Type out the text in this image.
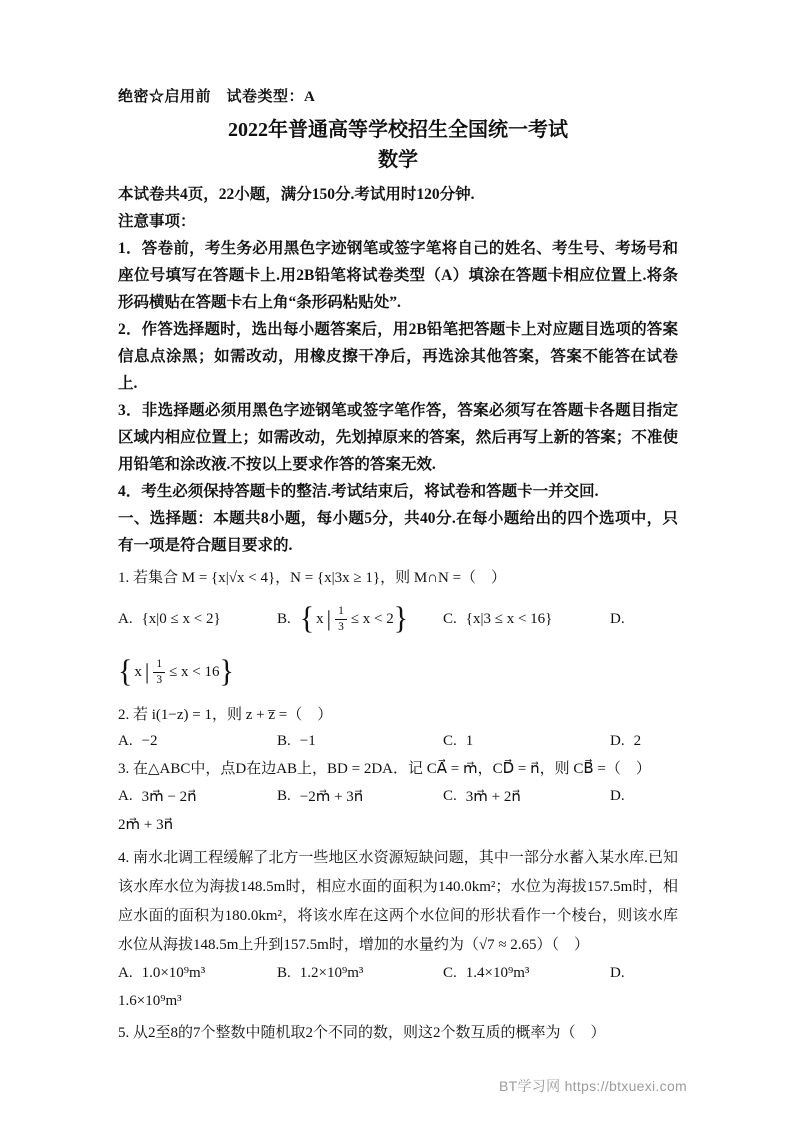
绝密☆启用前　试卷类型：A
2022年普通高等学校招生全国统一考试
数学

本试卷共4页，22小题，满分150分.考试用时120分钟.

注意事项：

1．答卷前，考生务必用黑色字迹钢笔或签字笔将自己的姓名、考生号、考场号和座位号填写在答题卡上.用2B铅笔将试卷类型（A）填涂在答题卡相应位置上.将条形码横贴在答题卡右上角“条形码粘贴处”.

2．作答选择题时，选出每小题答案后，用2B铅笔把答题卡上对应题目选项的答案信息点涂黑；如需改动，用橡皮擦干净后，再选涂其他答案，答案不能答在试卷上.

3．非选择题必须用黑色字迹钢笔或签字笔作答，答案必须写在答题卡各题目指定区域内相应位置上；如需改动，先划掉原来的答案，然后再写上新的答案；不准使用铅笔和涂改液.不按以上要求作答的答案无效.

4．考生必须保持答题卡的整洁.考试结束后，将试卷和答题卡一并交回.

一、选择题：本题共8小题，每小题5分，共40分.在每小题给出的四个选项中，只有一项是符合题目要求的.

1. 若集合 M = {x|√x < 4}，N = {x|3x ≥ 1}，则 M∩N =（　）

A. {x|0 ≤ x < 2}	B. { x | $\frac{1}{3} \le x < 2$ } C. {x|3 ≤ x < 16}	D.
{ x | $\frac{1}{3} \le x < 16$ }

2. 若 i(1−z) = 1，则 z + z̅ =（　）

A. −2	B. −1	C. 1	D. 2

3. 在△ABC中，点D在边AB上，BD = 2DA．记 CA⃗ = m⃗，CD⃗ = n⃗，则 CB⃗ =（　）

A. 3m⃗ − 2n⃗	B. −2m⃗ + 3n⃗	C. 3m⃗ + 2n⃗	D.

2m⃗ + 3n⃗

4. 南水北调工程缓解了北方一些地区水资源短缺问题，其中一部分水蓄入某水库.已知该水库水位为海拔148.5m时，相应水面的面积为140.0km²；水位为海拔157.5m时，相应水面的面积为180.0km²，将该水库在这两个水位间的形状看作一个棱台，则该水库水位从海拔148.5m上升到157.5m时，增加的水量约为（√7 ≈ 2.65）（　）

A. 1.0×10⁹m³	B. 1.2×10⁹m³	C. 1.4×10⁹m³	D.

1.6×10⁹m³

5. 从2至8的7个整数中随机取2个不同的数，则这2个数互质的概率为（　）

BT学习网 https://btxuexi.com
